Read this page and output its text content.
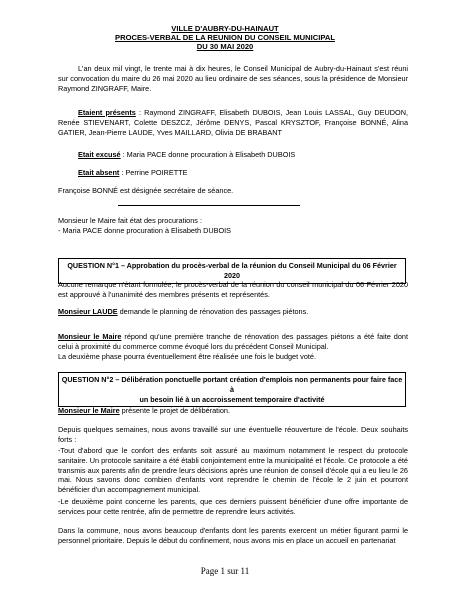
VILLE D'AUBRY-DU-HAINAUT
PROCES-VERBAL DE LA REUNION DU CONSEIL MUNICIPAL
DU 30 MAI 2020
L'an deux mil vingt, le trente mai à dix heures, le Conseil Municipal de Aubry-du-Hainaut s'est réuni sur convocation du maire du 26 mai 2020 au lieu ordinaire de ses séances, sous la présidence de Monsieur Raymond ZINGRAFF, Maire.
Etaient présents : Raymond ZINGRAFF, Elisabeth DUBOIS, Jean Louis LASSAL, Guy DEUDON, Renée STIEVENART, Colette DESZCZ, Jérôme DENYS, Pascal KRYSZTOF, Françoise BONNÉ, Alina GATIER, Jean-Pierre LAUDE, Yves MAILLARD, Olivia DE BRABANT
Etait excusé : Maria PACE donne procuration à Elisabeth DUBOIS
Etait absent : Perrine POIRETTE
Françoise BONNÉ est désignée secrétaire de séance.
Monsieur le Maire fait état des procurations :
- Maria PACE donne procuration à Elisabeth DUBOIS
QUESTION N°1 – Approbation du procès-verbal de la réunion du Conseil Municipal du 06 Février 2020
Aucune remarque n'étant formulée, le procès-verbal de la réunion du conseil municipal du 06 Février 2020 est approuvé à l'unanimité des membres présents et représentés.
Monsieur LAUDE demande le planning de rénovation des passages piétons.
Monsieur le Maire répond qu'une première tranche de rénovation des passages piétons a été faite dont celui à proximité du commerce comme évoqué lors du précédent Conseil Municipal.
La deuxième phase pourra éventuellement être réalisée une fois le budget voté.
QUESTION N°2 – Délibération ponctuelle portant création d'emplois non permanents pour faire face à
un besoin lié à un accroissement temporaire d'activité
Monsieur le Maire présente le projet de délibération.
Depuis quelques semaines, nous avons travaillé sur une éventuelle réouverture de l'école. Deux souhaits forts :
-Tout d'abord que le confort des enfants soit assuré au maximum notamment le respect du protocole sanitaire. Un protocole sanitaire a été établi conjointement entre la municipalité et l'école. Ce protocole a été transmis aux parents afin de prendre leurs décisions après une réunion de conseil d'école qui a eu lieu le 26 mai. Nous savons donc combien d'enfants vont reprendre le chemin de l'école le 2 juin et pourront bénéficier d'un accompagnement municipal.
-Le deuxième point concerne les parents, que ces derniers puissent bénéficier d'une offre importante de services pour cette rentrée, afin de permettre de reprendre leurs activités.
Dans la commune, nous avons beaucoup d'enfants dont les parents exercent un métier figurant parmi le personnel prioritaire. Depuis le début du confinement, nous avons mis en place un accueil en partenariat
Page 1 sur 11
